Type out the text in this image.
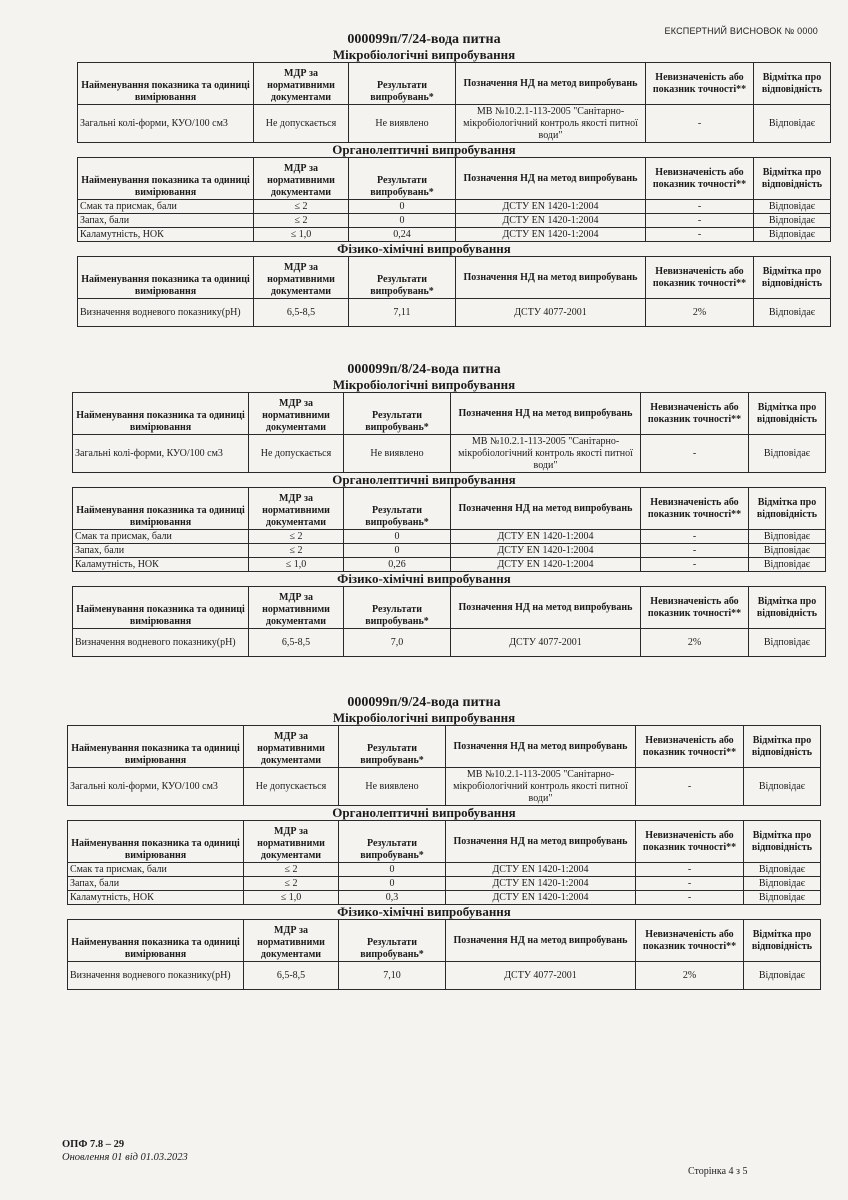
ЕКСПЕРТНИЙ ВИСНОВОК № 0000
000099п/7/24-вода питна
Мікробіологічні випробування
Найменування показника та одиниці вимірювання	МДР за нормативними документами	Результати випробувань*	Позначення НД на метод випробувань	Невизначеність або показник точності**	Відмітка про відповідність
Загальні колі-форми, КУО/100 см3	Не допускається	Не виявлено	МВ №10.2.1-113-2005 "Санітарно-мікробіологічний контроль якості питної води"	-	Відповідає
Органолептичні випробування
Найменування показника та одиниці вимірювання	МДР за нормативними документами	Результати випробувань*	Позначення НД на метод випробувань	Невизначеність або показник точності**	Відмітка про відповідність
Смак та присмак, бали	≤ 2	0	ДСТУ EN 1420-1:2004	-	Відповідає
Запах, бали	≤ 2	0	ДСТУ EN 1420-1:2004	-	Відповідає
Каламутність, НОК	≤ 1,0	0,24	ДСТУ EN 1420-1:2004	-	Відповідає
Фізико-хімічні випробування
Найменування показника та одиниці вимірювання	МДР за нормативними документами	Результати випробувань*	Позначення НД на метод випробувань	Невизначеність або показник точності**	Відмітка про відповідність
Визначення водневого показнику(рН)	6,5-8,5	7,11	ДСТУ 4077-2001	2%	Відповідає
000099п/8/24-вода питна
Мікробіологічні випробування
Найменування показника та одиниці вимірювання	МДР за нормативними документами	Результати випробувань*	Позначення НД на метод випробувань	Невизначеність або показник точності**	Відмітка про відповідність
Загальні колі-форми, КУО/100 см3	Не допускається	Не виявлено	МВ №10.2.1-113-2005 "Санітарно-мікробіологічний контроль якості питної води"	-	Відповідає
Органолептичні випробування
Найменування показника та одиниці вимірювання	МДР за нормативними документами	Результати випробувань*	Позначення НД на метод випробувань	Невизначеність або показник точності**	Відмітка про відповідність
Смак та присмак, бали	≤ 2	0	ДСТУ EN 1420-1:2004	-	Відповідає
Запах, бали	≤ 2	0	ДСТУ EN 1420-1:2004	-	Відповідає
Каламутність, НОК	≤ 1,0	0,26	ДСТУ EN 1420-1:2004	-	Відповідає
Фізико-хімічні випробування
Найменування показника та одиниці вимірювання	МДР за нормативними документами	Результати випробувань*	Позначення НД на метод випробувань	Невизначеність або показник точності**	Відмітка про відповідність
Визначення водневого показнику(рН)	6,5-8,5	7,0	ДСТУ 4077-2001	2%	Відповідає
000099п/9/24-вода питна
Мікробіологічні випробування
Найменування показника та одиниці вимірювання	МДР за нормативними документами	Результати випробувань*	Позначення НД на метод випробувань	Невизначеність або показник точності**	Відмітка про відповідність
Загальні колі-форми, КУО/100 см3	Не допускається	Не виявлено	МВ №10.2.1-113-2005 "Санітарно-мікробіологічний контроль якості питної води"	-	Відповідає
Органолептичні випробування
Найменування показника та одиниці вимірювання	МДР за нормативними документами	Результати випробувань*	Позначення НД на метод випробувань	Невизначеність або показник точності**	Відмітка про відповідність
Смак та присмак, бали	≤ 2	0	ДСТУ EN 1420-1:2004	-	Відповідає
Запах, бали	≤ 2	0	ДСТУ EN 1420-1:2004	-	Відповідає
Каламутність, НОК	≤ 1,0	0,3	ДСТУ EN 1420-1:2004	-	Відповідає
Фізико-хімічні випробування
Найменування показника та одиниці вимірювання	МДР за нормативними документами	Результати випробувань*	Позначення НД на метод випробувань	Невизначеність або показник точності**	Відмітка про відповідність
Визначення водневого показнику(рН)	6,5-8,5	7,10	ДСТУ 4077-2001	2%	Відповідає
ОПФ 7.8 – 29
Оновлення 01 від 01.03.2023
Сторінка 4 з 5
